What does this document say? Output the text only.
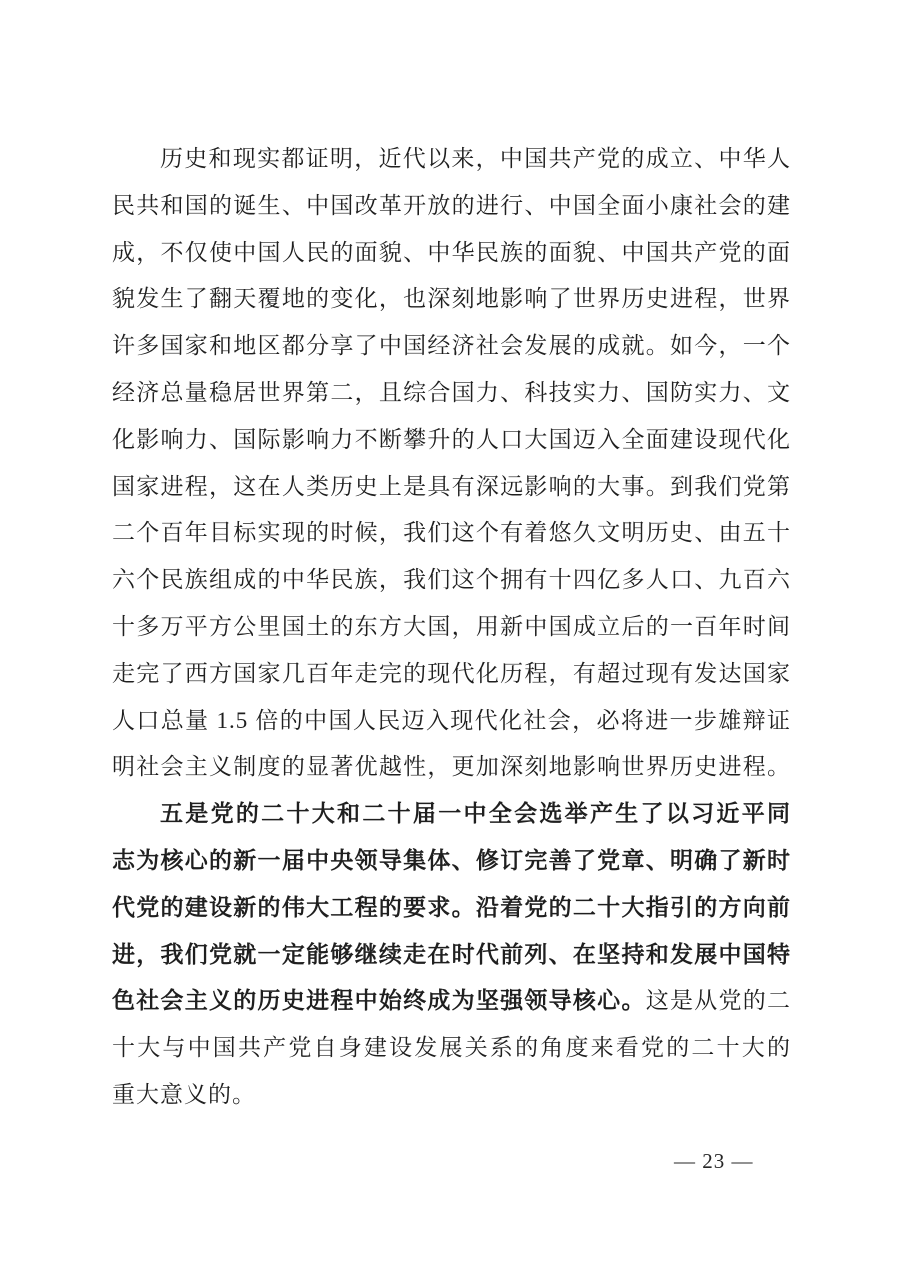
历史和现实都证明，近代以来，中国共产党的成立、中华人
民共和国的诞生、中国改革开放的进行、中国全面小康社会的建
成，不仅使中国人民的面貌、中华民族的面貌、中国共产党的面
貌发生了翻天覆地的变化，也深刻地影响了世界历史进程，世界
许多国家和地区都分享了中国经济社会发展的成就。如今，一个
经济总量稳居世界第二，且综合国力、科技实力、国防实力、文
化影响力、国际影响力不断攀升的人口大国迈入全面建设现代化
国家进程，这在人类历史上是具有深远影响的大事。到我们党第
二个百年目标实现的时候，我们这个有着悠久文明历史、由五十
六个民族组成的中华民族，我们这个拥有十四亿多人口、九百六
十多万平方公里国土的东方大国，用新中国成立后的一百年时间
走完了西方国家几百年走完的现代化历程，有超过现有发达国家
人口总量 1.5 倍的中国人民迈入现代化社会，必将进一步雄辩证
明社会主义制度的显著优越性，更加深刻地影响世界历史进程。
五是党的二十大和二十届一中全会选举产生了以习近平同
志为核心的新一届中央领导集体、修订完善了党章、明确了新时
代党的建设新的伟大工程的要求。沿着党的二十大指引的方向前
进，我们党就一定能够继续走在时代前列、在坚持和发展中国特
色社会主义的历史进程中始终成为坚强领导核心。这是从党的二
十大与中国共产党自身建设发展关系的角度来看党的二十大的
重大意义的。
— 23 —
